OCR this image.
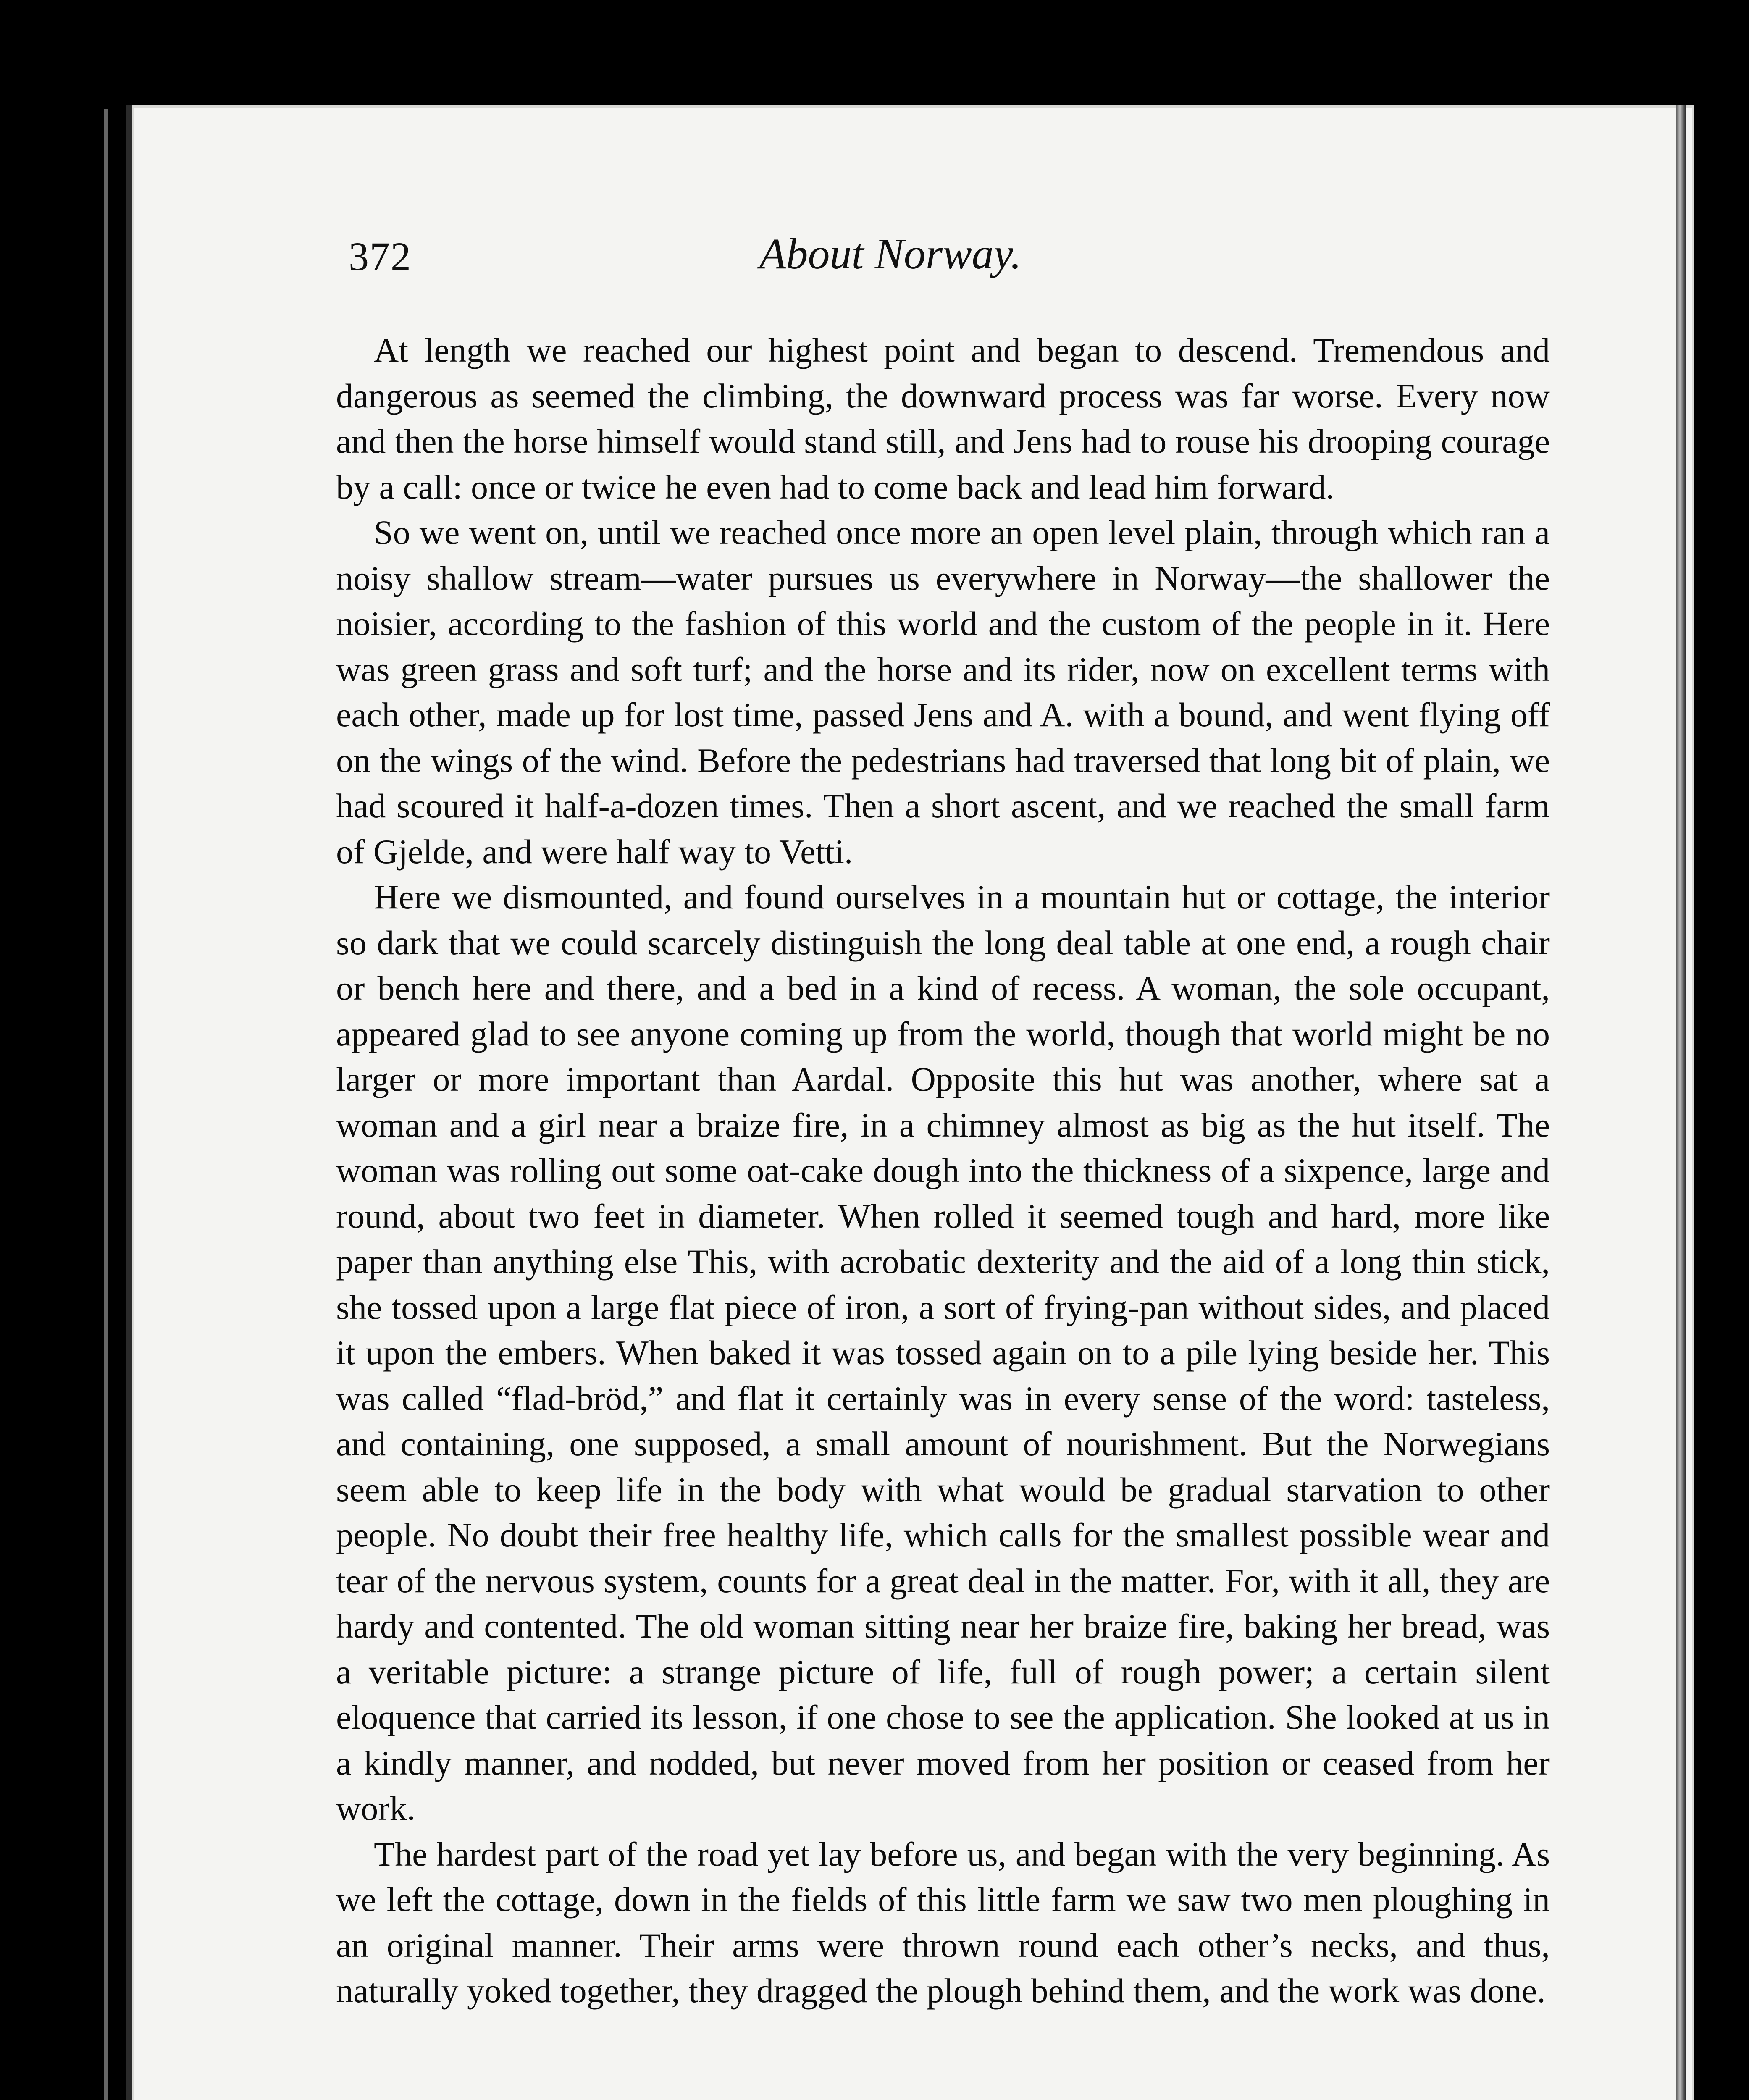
372	About Norway.

At length we reached our highest point and began to descend. Tremendous and dangerous as seemed the climbing, the downward process was far worse. Every now and then the horse himself would stand still, and Jens had to rouse his drooping courage by a call: once or twice he even had to come back and lead him forward.

So we went on, until we reached once more an open level plain, through which ran a noisy shallow stream—water pursues us everywhere in Norway—the shallower the noisier, according to the fashion of this world and the custom of the people in it. Here was green grass and soft turf; and the horse and its rider, now on excellent terms with each other, made up for lost time, passed Jens and A. with a bound, and went flying off on the wings of the wind. Before the pedestrians had traversed that long bit of plain, we had scoured it half-a-dozen times. Then a short ascent, and we reached the small farm of Gjelde, and were half way to Vetti.

Here we dismounted, and found ourselves in a mountain hut or cottage, the interior so dark that we could scarcely distinguish the long deal table at one end, a rough chair or bench here and there, and a bed in a kind of recess. A woman, the sole occupant, appeared glad to see anyone coming up from the world, though that world might be no larger or more important than Aardal. Opposite this hut was another, where sat a woman and a girl near a braize fire, in a chimney almost as big as the hut itself. The woman was rolling out some oat-cake dough into the thickness of a sixpence, large and round, about two feet in diameter. When rolled it seemed tough and hard, more like paper than anything else This, with acrobatic dexterity and the aid of a long thin stick, she tossed upon a large flat piece of iron, a sort of frying-pan without sides, and placed it upon the embers. When baked it was tossed again on to a pile lying beside her. This was called “flad-bröd,” and flat it certainly was in every sense of the word: tasteless, and containing, one supposed, a small amount of nourishment. But the Norwegians seem able to keep life in the body with what would be gradual starvation to other people. No doubt their free healthy life, which calls for the smallest possible wear and tear of the nervous system, counts for a great deal in the matter. For, with it all, they are hardy and contented. The old woman sitting near her braize fire, baking her bread, was a veritable picture: a strange picture of life, full of rough power; a certain silent eloquence that carried its lesson, if one chose to see the application. She looked at us in a kindly manner, and nodded, but never moved from her position or ceased from her work.

The hardest part of the road yet lay before us, and began with the very beginning. As we left the cottage, down in the fields of this little farm we saw two men ploughing in an original manner. Their arms were thrown round each other’s necks, and thus, naturally yoked together, they dragged the plough behind them, and the work was done.
